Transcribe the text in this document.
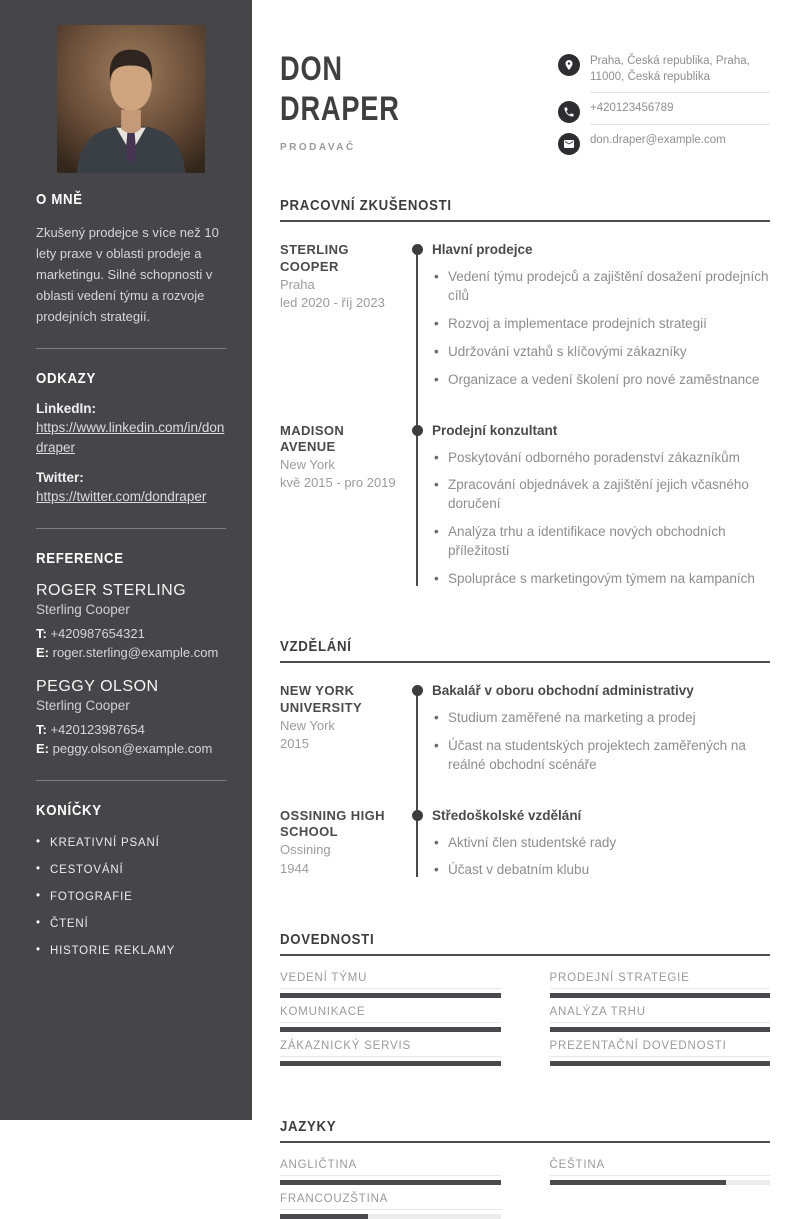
O MNĚ

Zkušený prodejce s více než 10 lety praxe v oblasti prodeje a marketingu. Silné schopnosti v oblasti vedení týmu a rozvoje prodejních strategií.

ODKAZY
LinkedIn:
https://www.linkedin.com/in/dondraper
Twitter:
https://twitter.com/dondraper
REFERENCE
ROGER STERLING
Sterling Cooper
T: +420987654321
E: roger.sterling@example.com
PEGGY OLSON
Sterling Cooper
T: +420123987654
E: peggy.olson@example.com
KONÍČKY
• KREATIVNÍ PSANÍ
• CESTOVÁNÍ
• FOTOGRAFIE
• ČTENÍ
• HISTORIE REKLAMY
DON
DRAPER
PRODAVAČ
Praha, Česká republika, Praha, 11000, Česká republika
+420123456789
don.draper@example.com
PRACOVNÍ ZKUŠENOSTI
STERLING COOPER
Praha
led 2020 - říj 2023
Hlavní prodejce
• Vedení týmu prodejců a zajištění dosažení prodejních cílů
• Rozvoj a implementace prodejních strategií
• Udržování vztahů s klíčovými zákazníky
• Organizace a vedení školení pro nové zaměstnance
MADISON AVENUE
New York
kvě 2015 - pro 2019
Prodejní konzultant
• Poskytování odborného poradenství zákazníkům
• Zpracování objednávek a zajištění jejich včasného doručení
• Analýza trhu a identifikace nových obchodních příležitostí
• Spolupráce s marketingovým týmem na kampaních
VZDĚLÁNÍ
NEW YORK UNIVERSITY
New York
2015
Bakalář v oboru obchodní administrativy
• Studium zaměřené na marketing a prodej
• Účast na studentských projektech zaměřených na reálné obchodní scénáře
OSSINING HIGH SCHOOL
Ossining
1944
Středoškolské vzdělání
• Aktivní člen studentské rady
• Účast v debatním klubu
DOVEDNOSTI
VEDENÍ TÝMU	PRODEJNÍ STRATEGIE
KOMUNIKACE	ANALÝZA TRHU
ZÁKAZNICKÝ SERVIS	PREZENTAČNÍ DOVEDNOSTI
JAZYKY
ANGLIČTINA	ČEŠTINA
FRANCOUZŠTINA
